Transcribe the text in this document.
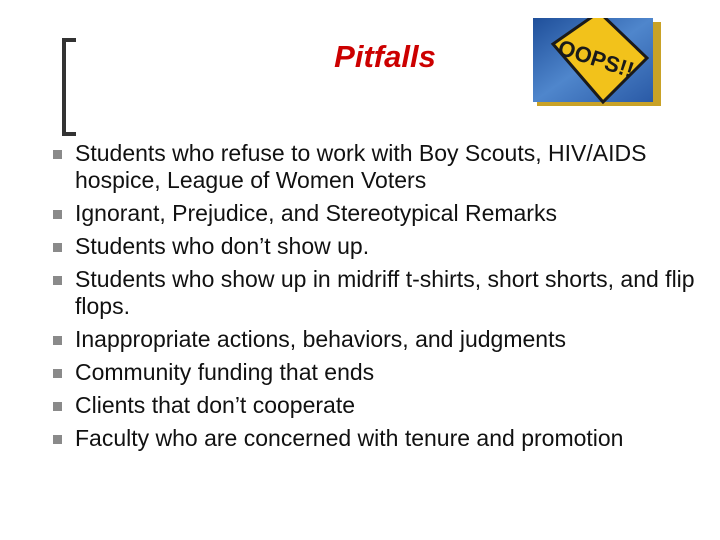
Pitfalls	OOPS!!
Students who refuse to work with Boy Scouts, HIV/AIDS hospice, League of Women Voters
Ignorant, Prejudice, and Stereotypical Remarks
Students who don’t show up.
Students who show up in midriff t-shirts, short shorts, and flip flops.
Inappropriate actions, behaviors, and judgments
Community funding that ends
Clients that don’t cooperate
Faculty who are concerned with tenure and promotion
